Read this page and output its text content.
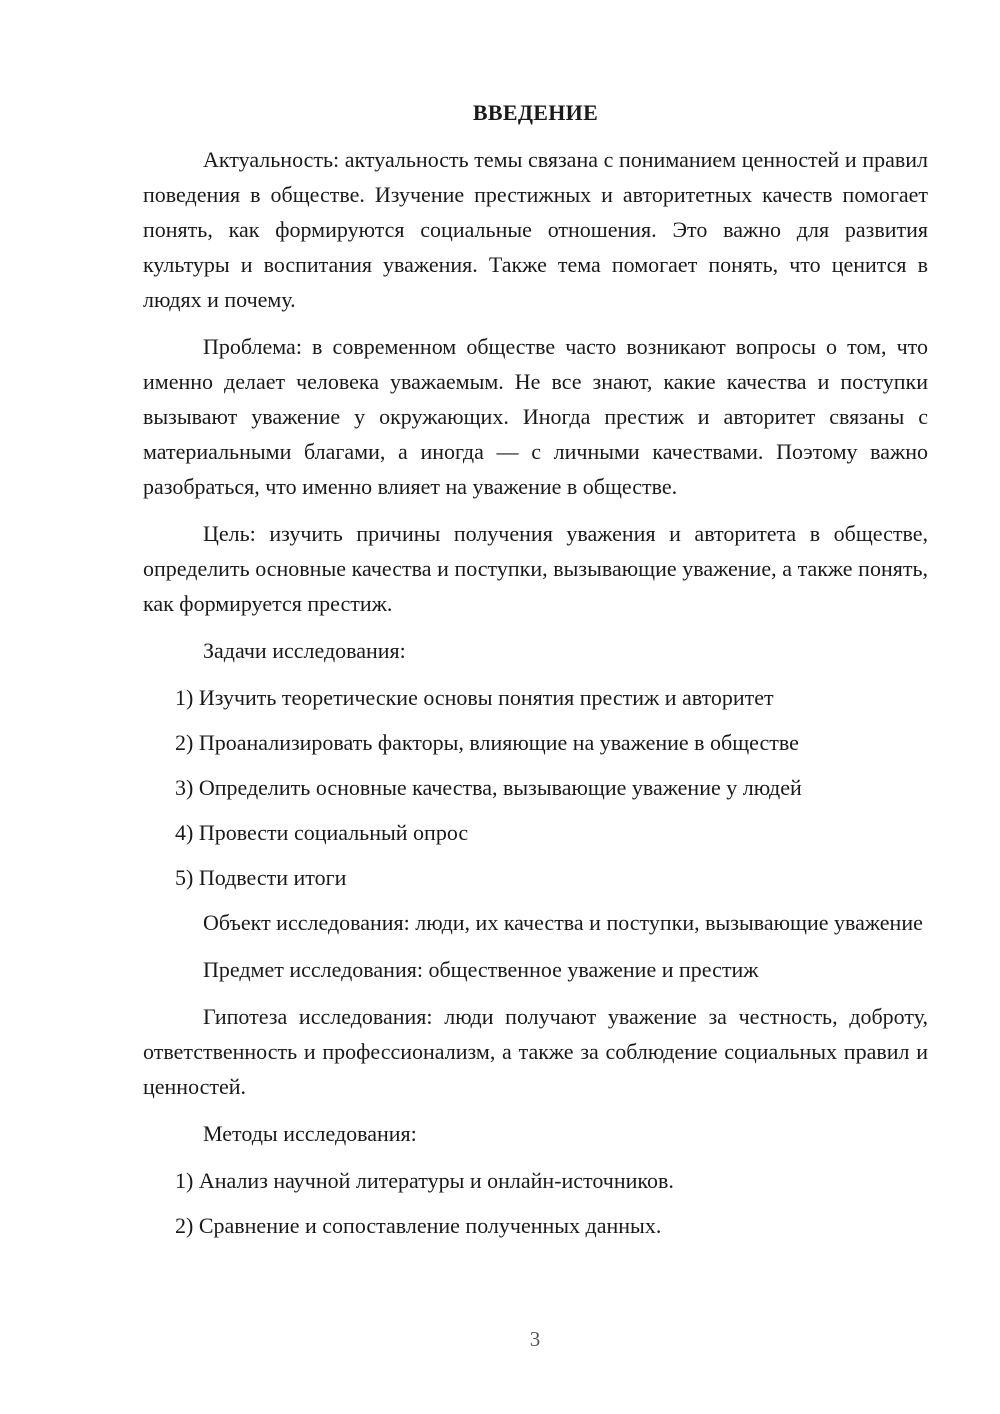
ВВЕДЕНИЕ

Актуальность: актуальность темы связана с пониманием ценностей и правил поведения в обществе. Изучение престижных и авторитетных качеств помогает понять, как формируются социальные отношения. Это важно для развития культуры и воспитания уважения. Также тема помогает понять, что ценится в людях и почему.

Проблема: в современном обществе часто возникают вопросы о том, что именно делает человека уважаемым. Не все знают, какие качества и поступки вызывают уважение у окружающих. Иногда престиж и авторитет связаны с материальными благами, а иногда — с личными качествами. Поэтому важно разобраться, что именно влияет на уважение в обществе.

Цель: изучить причины получения уважения и авторитета в обществе, определить основные качества и поступки, вызывающие уважение, а также понять, как формируется престиж.

Задачи исследования:

1) Изучить теоретические основы понятия престиж и авторитет
2) Проанализировать факторы, влияющие на уважение в обществе
3) Определить основные качества, вызывающие уважение у людей
4) Провести социальный опрос
5) Подвести итоги

Объект исследования: люди, их качества и поступки, вызывающие уважение

Предмет исследования: общественное уважение и престиж

Гипотеза исследования: люди получают уважение за честность, доброту, ответственность и профессионализм, а также за соблюдение социальных правил и ценностей.

Методы исследования:

1) Анализ научной литературы и онлайн-источников.
2) Сравнение и сопоставление полученных данных.
3
